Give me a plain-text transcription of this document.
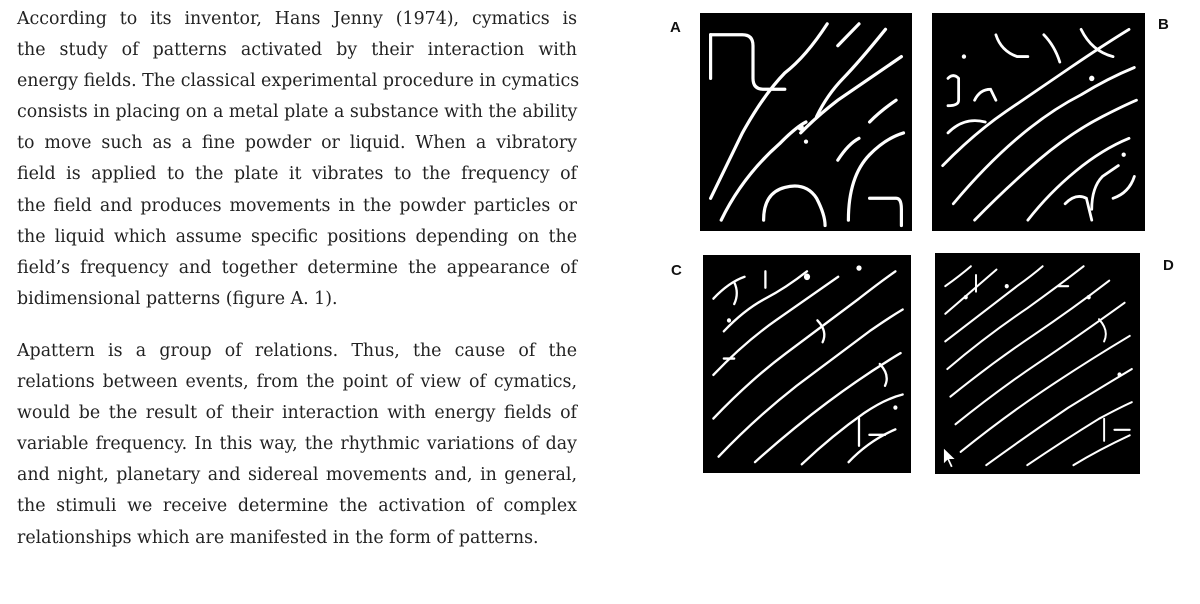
According to its inventor, Hans Jenny (1974), cymatics is
the study of patterns activated by their interaction with
energy fields. The classical experimental procedure in cymatics
consists in placing on a metal plate a substance with the ability
to move such as a fine powder or liquid. When a vibratory
field is applied to the plate it vibrates to the frequency of
the field and produces movements in the powder particles or
the liquid which assume specific positions depending on the
field’s frequency and together determine the appearance of
bidimensional patterns (figure A. 1).

Apattern is a group of relations. Thus, the cause of the
relations between events, from the point of view of cymatics,
would be the result of their interaction with energy fields of
variable frequency. In this way, the rhythmic variations of day
and night, planetary and sidereal movements and, in general,
the stimuli we receive determine the activation of complex
relationships which are manifested in the form of patterns.

A	B
C	D
